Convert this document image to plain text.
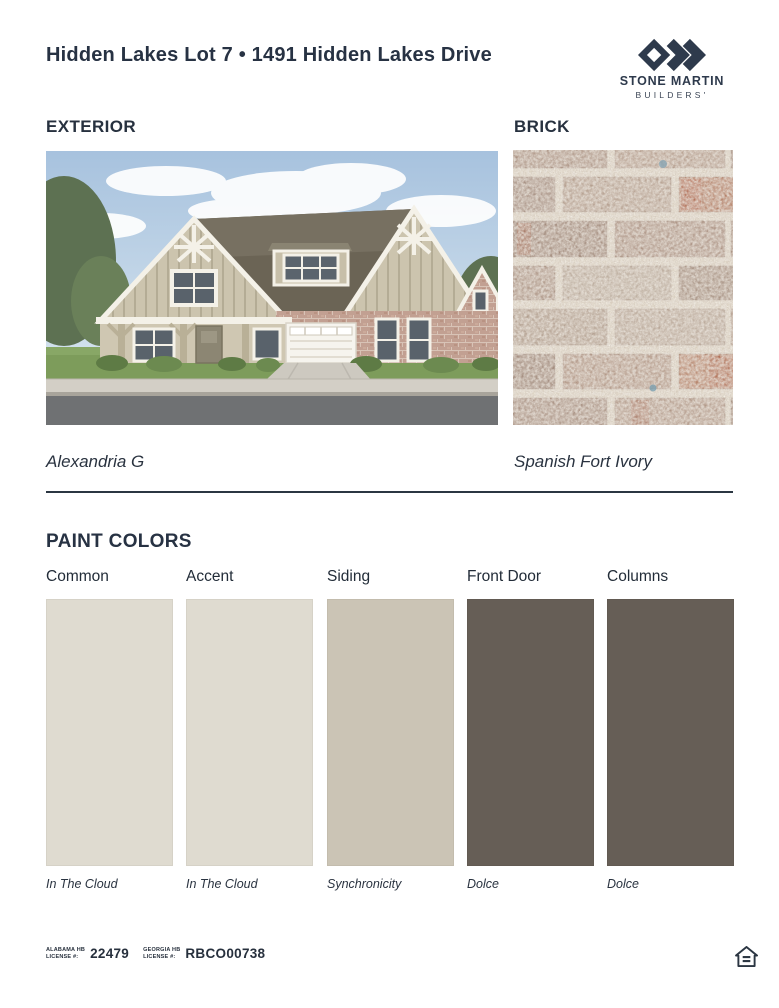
Hidden Lakes Lot 7 • 1491 Hidden Lakes Drive
STONE MARTIN
BUILDERS'
EXTERIOR	BRICK
Alexandria G	Spanish Fort Ivory
PAINT COLORS
Common
In The Cloud
Accent
In The Cloud
Siding
Synchronicity
Front Door
Dolce
Columns
Dolce
ALABAMA HB
LICENSE #: 22479	GEORGIA HB
LICENSE #: RBCO00738
